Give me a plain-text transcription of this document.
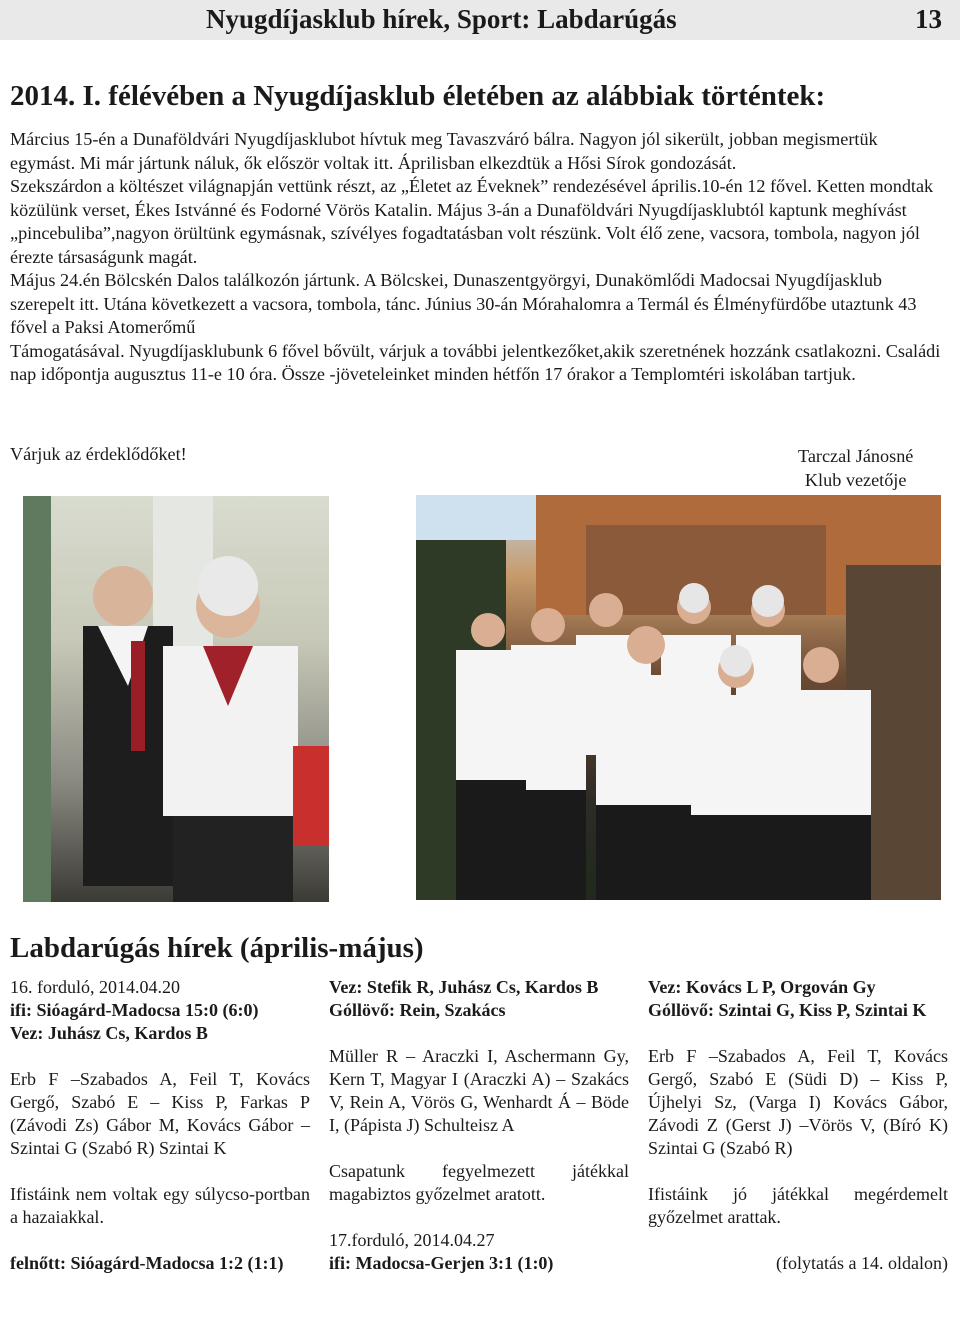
Nyugdíjasklub hírek, Sport: Labdarúgás	13
2014. I. félévében a Nyugdíjasklub életében az alábbiak történtek:

Március 15-én a Dunaföldvári Nyugdíjasklubot hívtuk meg Tavaszváró bálra. Nagyon jól sikerült, jobban megismertük egymást. Mi már jártunk náluk, ők először voltak itt. Áprilisban elkezdtük a Hősi Sírok gondozását.

Szekszárdon a költészet világnapján vettünk részt, az „Életet az Éveknek” rendezésével április.10-én 12 fővel. Ketten mondtak közülünk verset, Ékes Istvánné és Fodorné Vörös Katalin. Május 3-án a Dunaföldvári Nyugdíjasklubtól kaptunk meghívást „pincebuliba”,nagyon örültünk egymásnak, szívélyes fogadtatásban volt részünk. Volt élő zene, vacsora, tombola, nagyon jól érezte társaságunk magát.

Május 24.én Bölcskén Dalos találkozón jártunk. A Bölcskei, Dunaszentgyörgyi, Dunakömlődi Madocsai Nyugdíjasklub szerepelt itt. Utána következett a vacsora, tombola, tánc. Június 30-án Mórahalomra a Termál és Élményfürdőbe utaztunk 43 fővel a Paksi Atomerőmű

Támogatásával. Nyugdíjasklubunk 6 fővel bővült, várjuk a további jelentkezőket,akik szeretnének hozzánk csatlakozni. Családi nap időpontja augusztus 11-e 10 óra. Össze -jöveteleinket minden hétfőn 17 órakor a Templomtéri iskolában tartjuk.

Várjuk az érdeklődőket!	Tarczal Jánosné
Klub vezetője
Labdarúgás hírek (április-május)

16. forduló, 2014.04.20

ifi: Sióagárd-Madocsa 15:0 (6:0)

Vez: Juhász Cs, Kardos B

Erb F –Szabados A, Feil T, Kovács Gergő, Szabó E – Kiss P, Farkas P (Závodi Zs) Gábor M, Kovács Gábor – Szintai G (Szabó R) Szintai K

Ifistáink nem voltak egy súlycso-portban a hazaiakkal.

felnőtt: Sióagárd-Madocsa 1:2 (1:1)

Vez: Stefik R, Juhász Cs, Kardos B

Góllövő: Rein, Szakács

Müller R – Araczki I, Aschermann Gy, Kern T, Magyar I (Araczki A) – Szakács V, Rein A, Vörös G, Wenhardt Á – Böde I, (Pápista J) Schulteisz A

Csapatunk fegyelmezett játékkal magabiztos győzelmet aratott.

17.forduló, 2014.04.27

ifi: Madocsa-Gerjen 3:1 (1:0)

Vez: Kovács L P, Orgován Gy

Góllövő: Szintai G, Kiss P, Szintai K

Erb F –Szabados A, Feil T, Kovács Gergő, Szabó E (Südi D) – Kiss P, Újhelyi Sz, (Varga I) Kovács Gábor, Závodi Z (Gerst J) –Vörös V, (Bíró K) Szintai G (Szabó R)

Ifistáink jó játékkal megérdemelt győzelmet arattak.

(folytatás a 14. oldalon)
